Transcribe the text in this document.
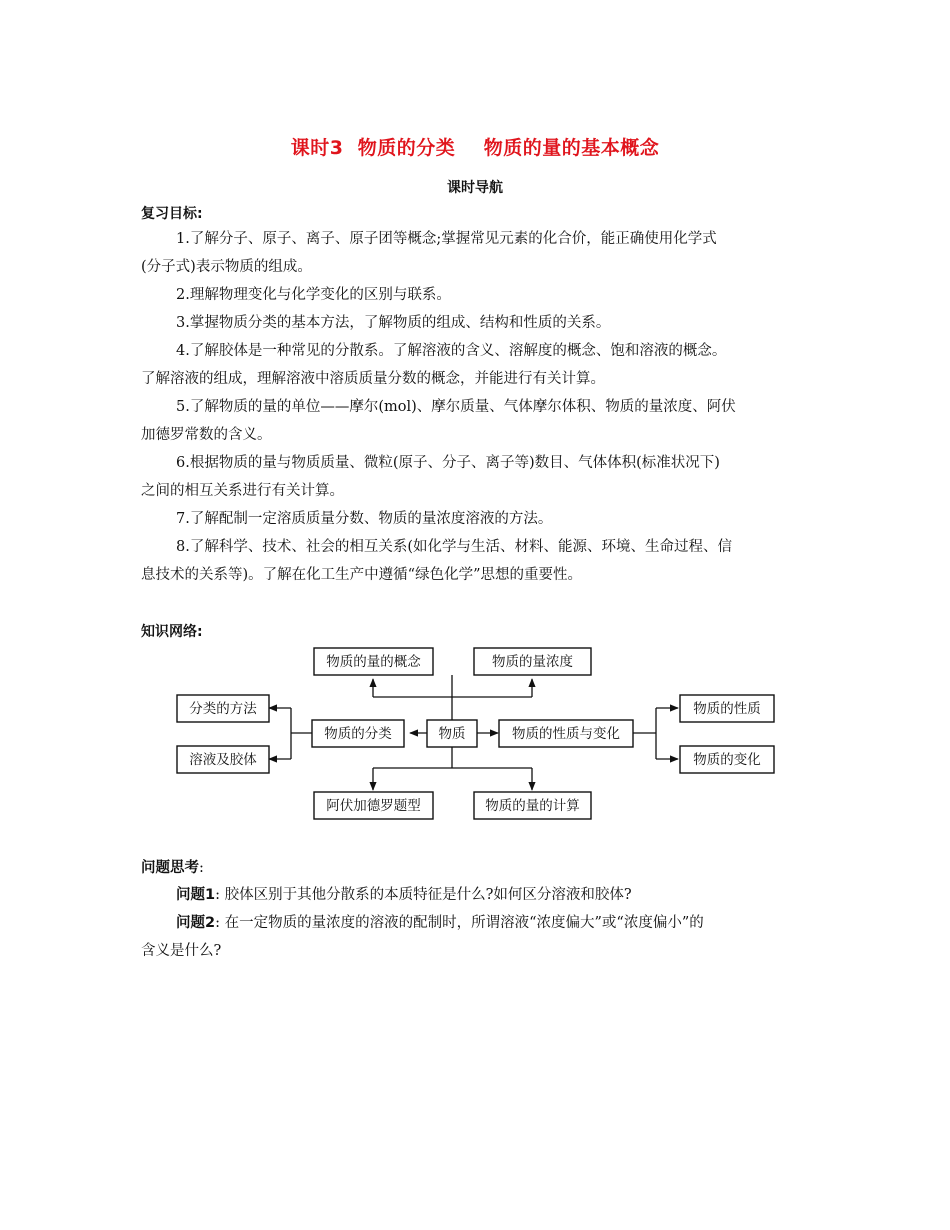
课时3  物质的分类    物质的量的基本概念
课时导航
复习目标:
1.了解分子、原子、离子、原子团等概念;掌握常见元素的化合价，能正确使用化学式
(分子式)表示物质的组成。
2.理解物理变化与化学变化的区别与联系。
3.掌握物质分类的基本方法，了解物质的组成、结构和性质的关系。
4.了解胶体是一种常见的分散系。了解溶液的含义、溶解度的概念、饱和溶液的概念。
了解溶液的组成，理解溶液中溶质质量分数的概念，并能进行有关计算。
5.了解物质的量的单位——摩尔(mol)、摩尔质量、气体摩尔体积、物质的量浓度、阿伏
加德罗常数的含义。
6.根据物质的量与物质质量、微粒(原子、分子、离子等)数目、气体体积(标准状况下)
之间的相互关系进行有关计算。
7.了解配制一定溶质质量分数、物质的量浓度溶液的方法。
8.了解科学、技术、社会的相互关系(如化学与生活、材料、能源、环境、生命过程、信
息技术的关系等)。了解在化工生产中遵循“绿色化学”思想的重要性。
知识网络:
物质的量的概念	物质的量浓度
分类的方法
物质的分类	物质	物质的性质与变化
物质的性质
溶液及胶体	物质的变化
阿伏加德罗题型	物质的量的计算
问题思考:
问题1: 胶体区别于其他分散系的本质特征是什么?如何区分溶液和胶体?
问题2: 在一定物质的量浓度的溶液的配制时，所谓溶液“浓度偏大”或“浓度偏小”的
含义是什么?
